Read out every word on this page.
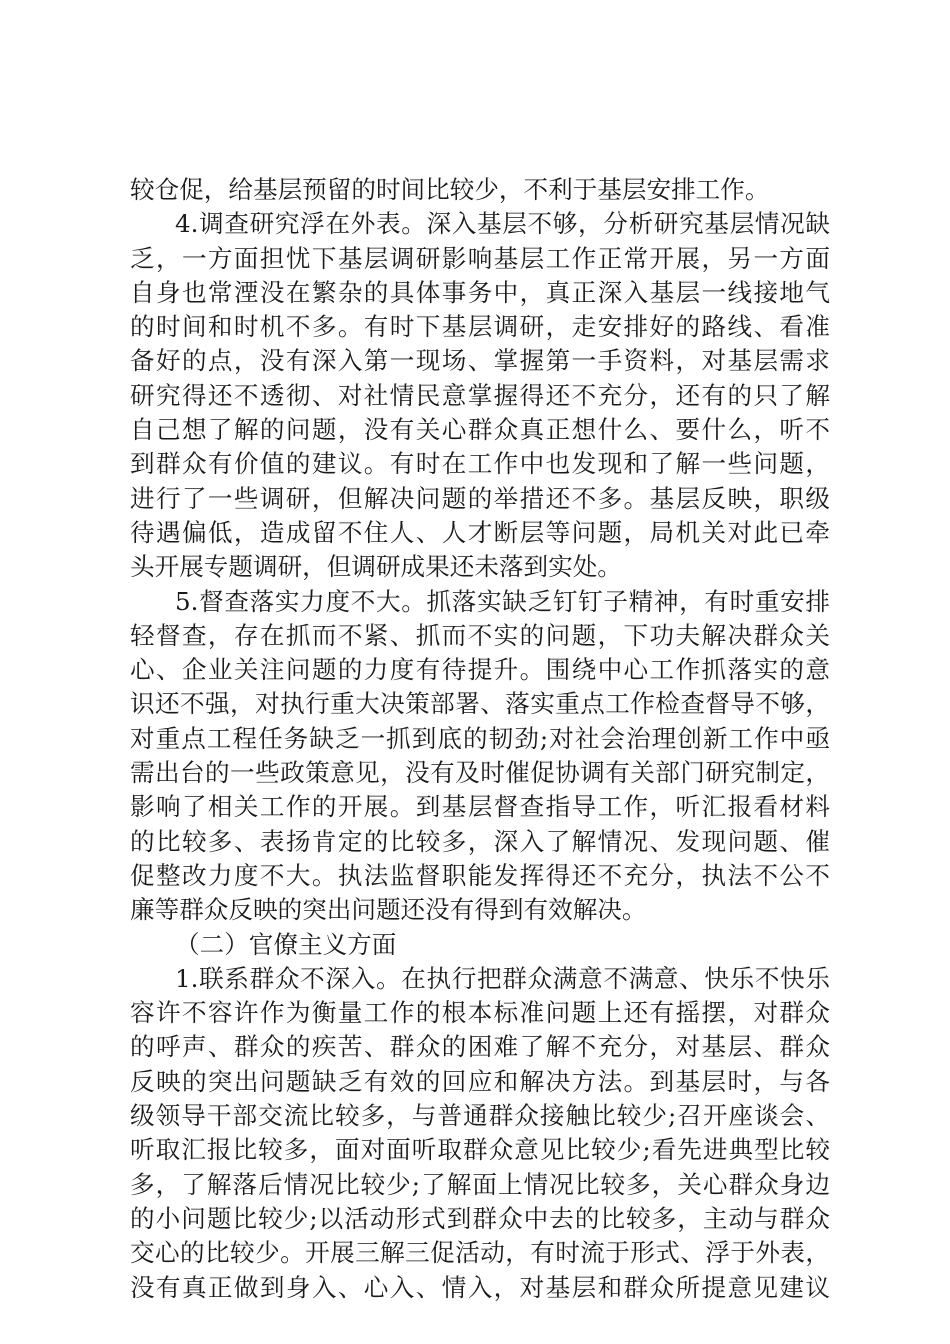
较仓促，给基层预留的时间比较少，不利于基层安排工作。
4.调查研究浮在外表。深入基层不够，分析研究基层情况缺
乏，一方面担忧下基层调研影响基层工作正常开展，另一方面
自身也常湮没在繁杂的具体事务中，真正深入基层一线接地气
的时间和时机不多。有时下基层调研，走安排好的路线、看准
备好的点，没有深入第一现场、掌握第一手资料，对基层需求
研究得还不透彻、对社情民意掌握得还不充分，还有的只了解
自己想了解的问题，没有关心群众真正想什么、要什么，听不
到群众有价值的建议。有时在工作中也发现和了解一些问题，
进行了一些调研，但解决问题的举措还不多。基层反映，职级
待遇偏低，造成留不住人、人才断层等问题，局机关对此已牵
头开展专题调研，但调研成果还未落到实处。
5.督查落实力度不大。抓落实缺乏钉钉子精神，有时重安排
轻督查，存在抓而不紧、抓而不实的问题，下功夫解决群众关
心、企业关注问题的力度有待提升。围绕中心工作抓落实的意
识还不强，对执行重大决策部署、落实重点工作检查督导不够，
对重点工程任务缺乏一抓到底的韧劲;对社会治理创新工作中亟
需出台的一些政策意见，没有及时催促协调有关部门研究制定，
影响了相关工作的开展。到基层督查指导工作，听汇报看材料
的比较多、表扬肯定的比较多，深入了解情况、发现问题、催
促整改力度不大。执法监督职能发挥得还不充分，执法不公不
廉等群众反映的突出问题还没有得到有效解决。
（二）官僚主义方面
1.联系群众不深入。在执行把群众满意不满意、快乐不快乐
容许不容许作为衡量工作的根本标准问题上还有摇摆，对群众
的呼声、群众的疾苦、群众的困难了解不充分，对基层、群众
反映的突出问题缺乏有效的回应和解决方法。到基层时，与各
级领导干部交流比较多，与普通群众接触比较少;召开座谈会、
听取汇报比较多，面对面听取群众意见比较少;看先进典型比较
多，了解落后情况比较少;了解面上情况比较多，关心群众身边
的小问题比较少;以活动形式到群众中去的比较多，主动与群众
交心的比较少。开展三解三促活动，有时流于形式、浮于外表，
没有真正做到身入、心入、情入，对基层和群众所提意见建议
